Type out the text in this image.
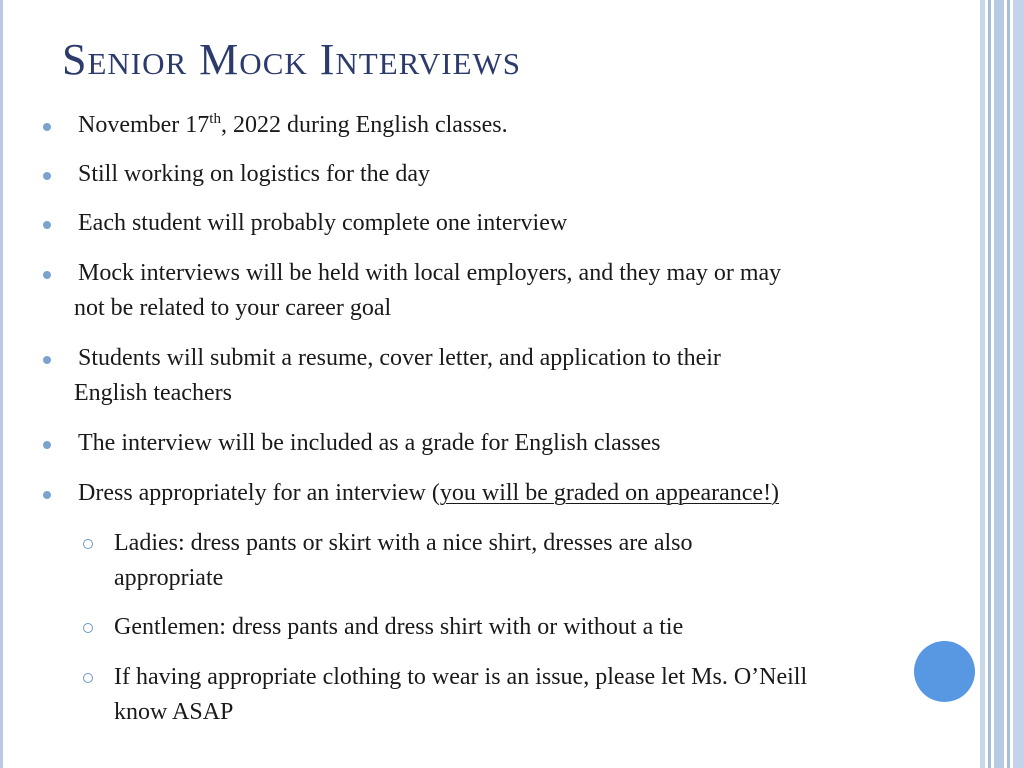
Senior Mock Interviews
November 17th, 2022 during English classes.
Still working on logistics for the day
Each student will probably complete one interview
Mock interviews will be held with local employers, and they may or may
not be related to your career goal
Students will submit a resume, cover letter, and application to their
English teachers
The interview will be included as a grade for English classes
Dress appropriately for an interview (you will be graded on appearance!)
Ladies: dress pants or skirt with a nice shirt, dresses are also
appropriate
Gentlemen: dress pants and dress shirt with or without a tie
If having appropriate clothing to wear is an issue, please let Ms. O’Neill
know ASAP
